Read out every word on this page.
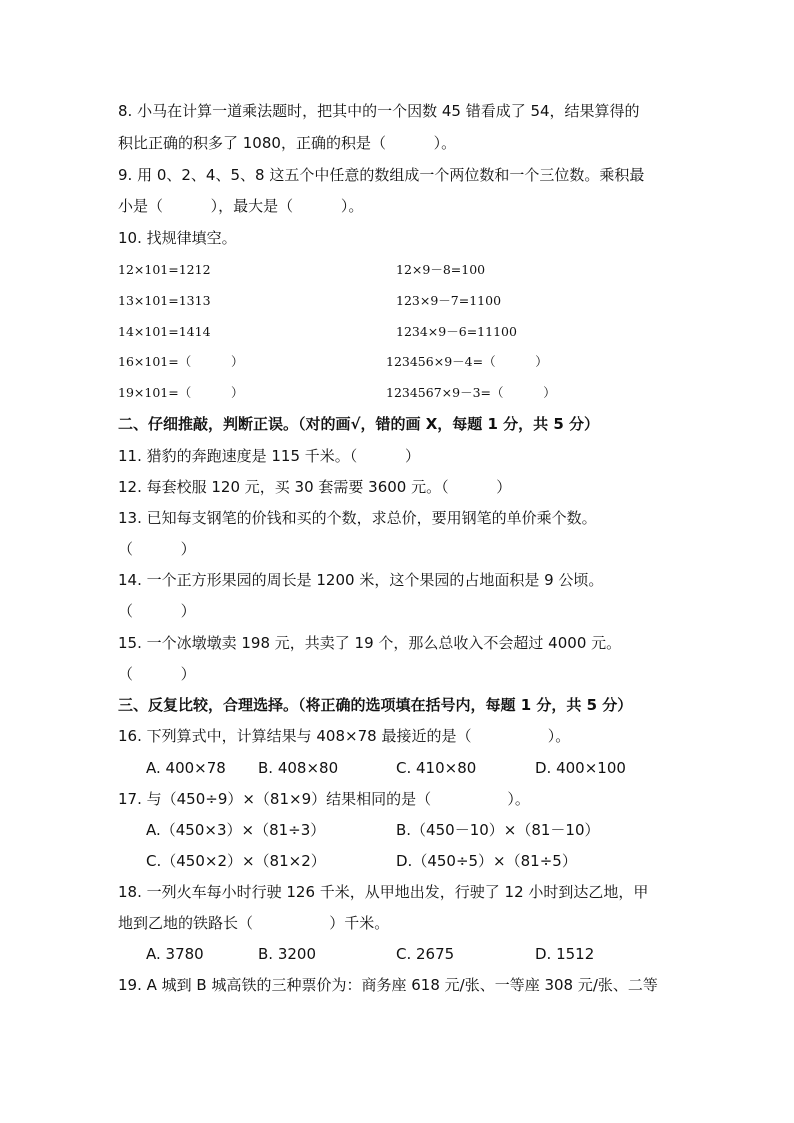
8. 小马在计算一道乘法题时，把其中的一个因数 45 错看成了 54，结果算得的
积比正确的积多了 1080，正确的积是（          ）。
9. 用 0、2、4、5、8 这五个中任意的数组成一个两位数和一个三位数。乘积最
小是（          ），最大是（          ）。
10. 找规律填空。
12×101=1212
13×101=1313
14×101=1414
16×101=（          ）
19×101=（          ）
12×9－8=100
123×9－7=1100
1234×9－6=11100
123456×9－4=（          ）
1234567×9－3=（          ）
二、仔细推敲，判断正误。（对的画√，错的画 X，每题 1 分，共 5 分）
11. 猎豹的奔跑速度是 115 千米。（          ）
12. 每套校服 120 元，买 30 套需要 3600 元。（          ）
13. 已知每支钢笔的价钱和买的个数，求总价，要用钢笔的单价乘个数。
（          ）
14. 一个正方形果园的周长是 1200 米，这个果园的占地面积是 9 公顷。
（          ）
15. 一个冰墩墩卖 198 元，共卖了 19 个，那么总收入不会超过 4000 元。
（          ）
三、反复比较，合理选择。（将正确的选项填在括号内，每题 1 分，共 5 分）
16. 下列算式中，计算结果与 408×78 最接近的是（                ）。
A. 400×78 B. 408×80	C. 410×80	D. 400×100
17. 与（450÷9）×（81×9）结果相同的是（                ）。
A.（450×3）×（81÷3）	B.（450－10）×（81－10）
C.（450×2）×（81×2）	D.（450÷5）×（81÷5）
18. 一列火车每小时行驶 126 千米，从甲地出发，行驶了 12 小时到达乙地，甲
地到乙地的铁路长（                ）千米。
A. 3780	B. 3200	C. 2675	D. 1512
19. A 城到 B 城高铁的三种票价为：商务座 618 元/张、一等座 308 元/张、二等
